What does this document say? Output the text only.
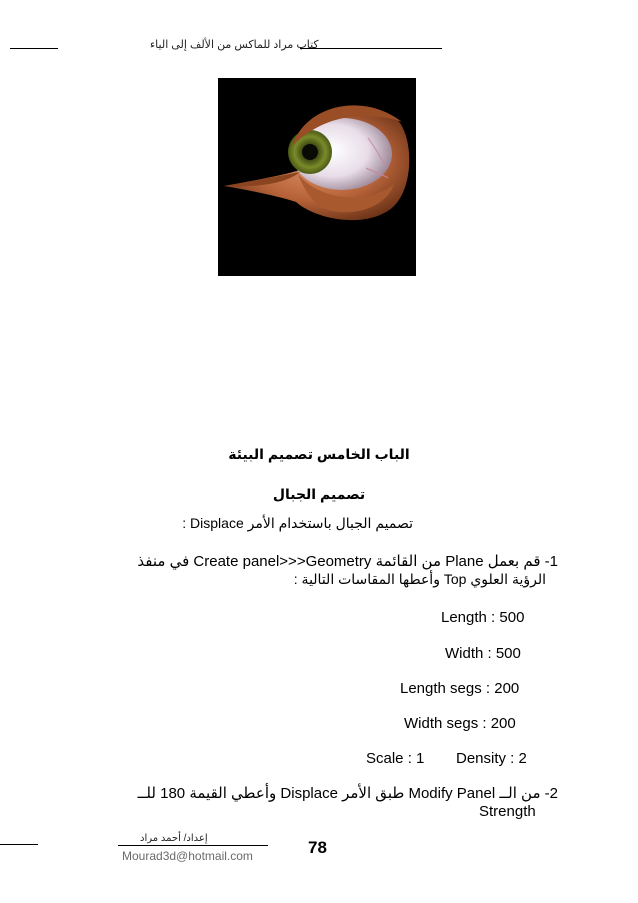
كتاب مراد للماكس من الألف إلى الياء
الباب الخامس تصميم البيئة
تصميم الجبال
تصميم الجبال باستخدام الأمر Displace :
1- قم بعمل Plane من القائمة Create panel>>>Geometry في منفذ
الرؤية العلوي Top وأعطها المقاسات التالية :
Length : 500
Width : 500
Length segs : 200
Width segs : 200
Scale : 1 Density : 2
2- من الــ Modify Panel طبق الأمر Displace وأعطي القيمة 180 للــ
Strength
إعداد/ أحمد مراد
Mourad3d@hotmail.com	78
